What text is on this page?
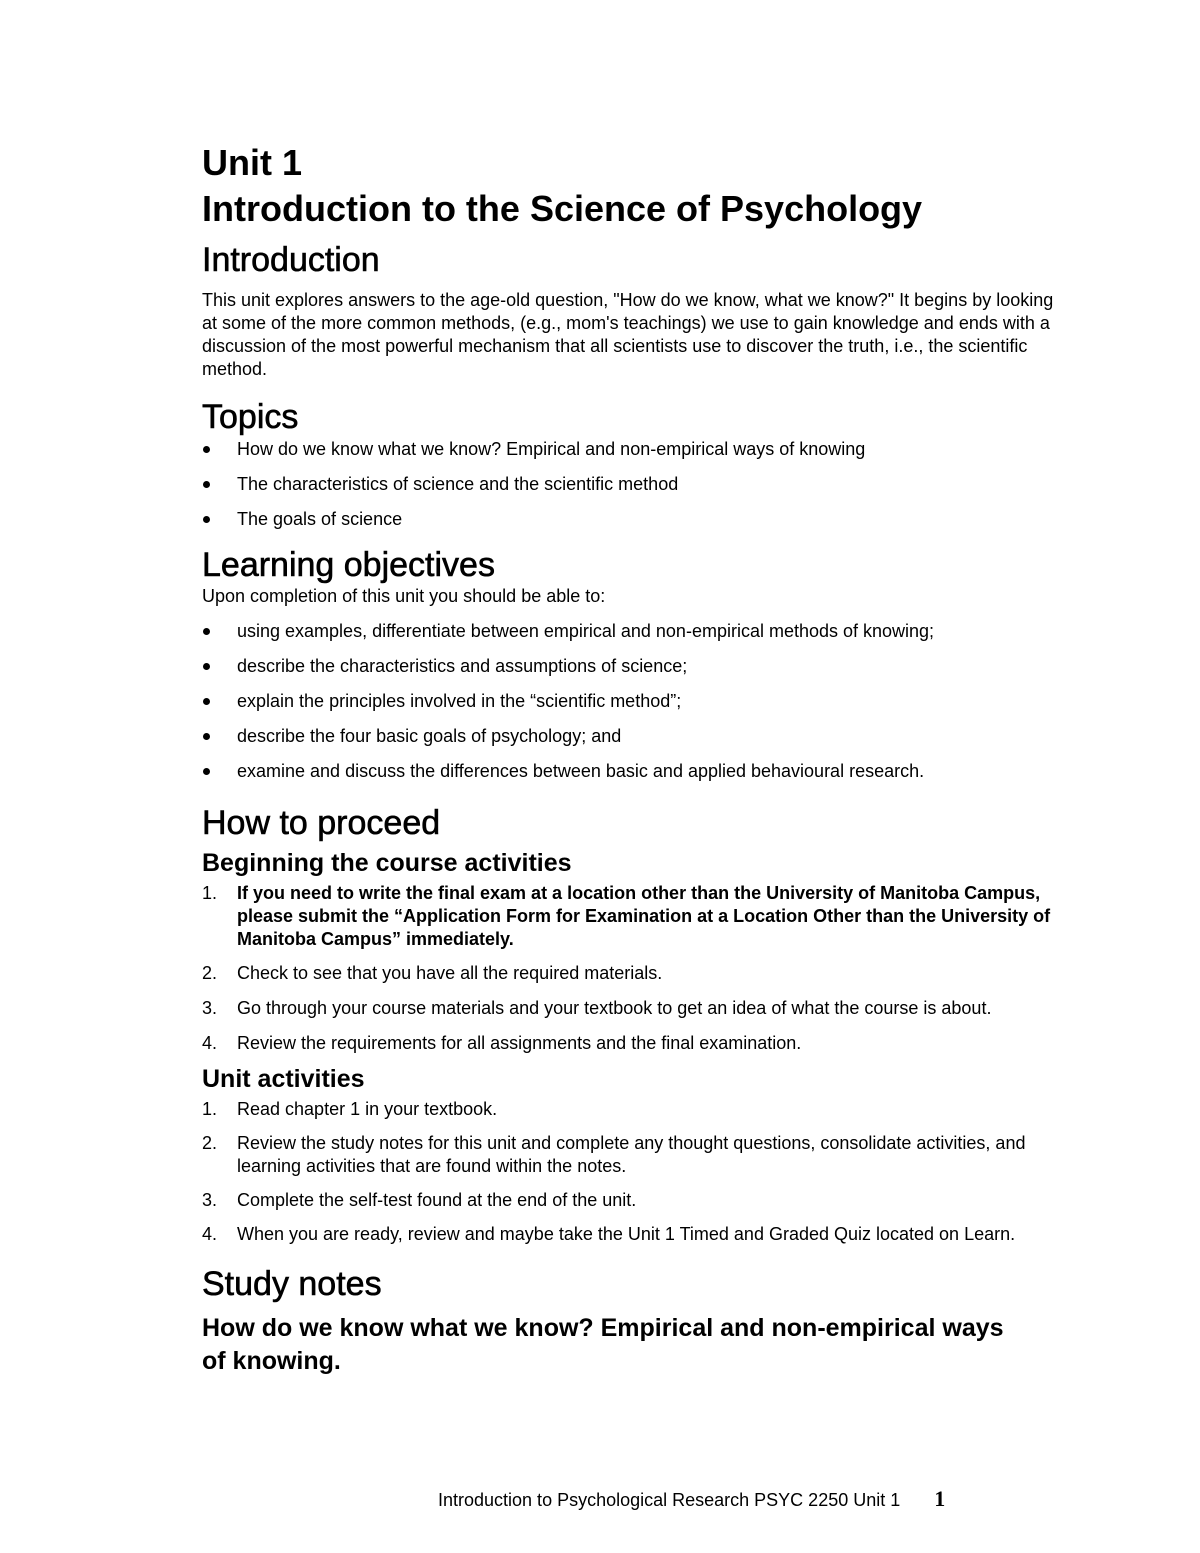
Unit 1
Introduction to the Science of Psychology
Introduction

This unit explores answers to the age-old question, "How do we know, what we know?" It begins by looking at some of the more common methods, (e.g., mom's teachings) we use to gain knowledge and ends with a discussion of the most powerful mechanism that all scientists use to discover the truth, i.e., the scientific method.

Topics
How do we know what we know? Empirical and non-empirical ways of knowing
The characteristics of science and the scientific method
The goals of science
Learning objectives

Upon completion of this unit you should be able to:

using examples, differentiate between empirical and non-empirical methods of knowing;
describe the characteristics and assumptions of science;
explain the principles involved in the “scientific method”;
describe the four basic goals of psychology; and
examine and discuss the differences between basic and applied behavioural research.
How to proceed
Beginning the course activities
1.	If you need to write the final exam at a location other than the University of Manitoba Campus, please submit the “Application Form for Examination at a Location Other than the University of Manitoba Campus” immediately.
2.	Check to see that you have all the required materials.
3.	Go through your course materials and your textbook to get an idea of what the course is about.
4.	Review the requirements for all assignments and the final examination.
Unit activities
1.	Read chapter 1 in your textbook.
2.	Review the study notes for this unit and complete any thought questions, consolidate activities, and learning activities that are found within the notes.
3.	Complete the self-test found at the end of the unit.
4.	When you are ready, review and maybe take the Unit 1 Timed and Graded Quiz located on Learn.
Study notes
How do we know what we know? Empirical and non-empirical ways of knowing.
Introduction to Psychological Research PSYC 2250 Unit 1 1
